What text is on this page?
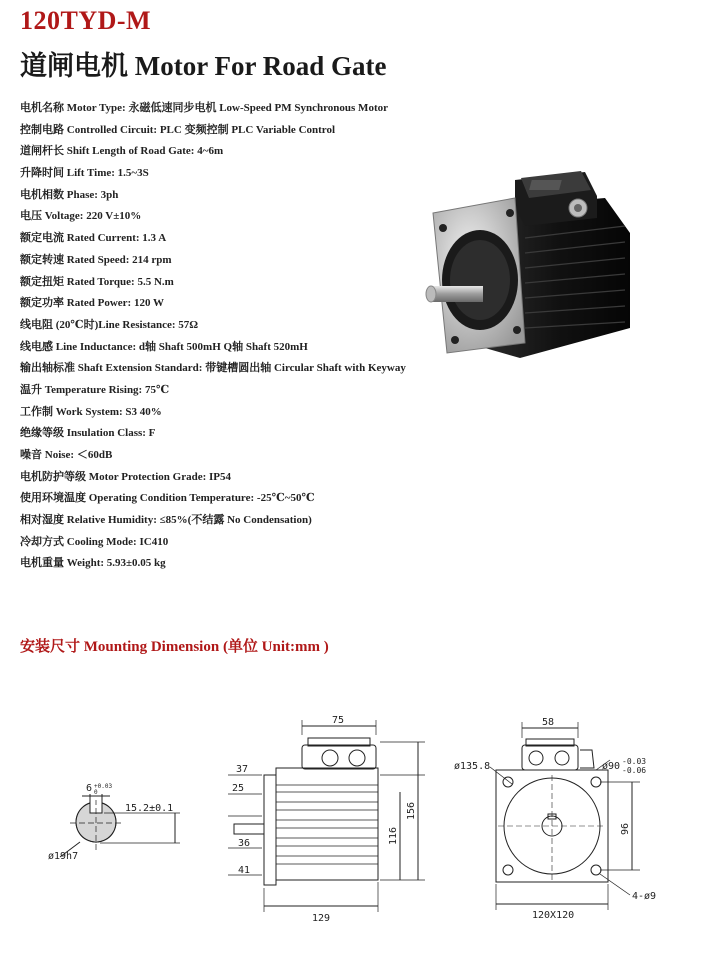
120TYD-M
道闸电机 Motor For Road Gate
电机名称 Motor Type: 永磁低速同步电机 Low-Speed PM Synchronous Motor
控制电路 Controlled Circuit: PLC 变频控制 PLC Variable Control
道闸杆长 Shift Length of Road Gate: 4~6m
升降时间 Lift Time: 1.5~3S
电机相数 Phase: 3ph
电压 Voltage: 220 V±10%
额定电流 Rated Current: 1.3 A
额定转速 Rated Speed: 214 rpm
额定扭矩 Rated Torque: 5.5 N.m
额定功率 Rated Power: 120 W
线电阻 (20℃时)Line Resistance: 57Ω
线电感 Line Inductance: d轴 Shaft 500mH Q轴 Shaft 520mH
输出轴标准 Shaft Extension Standard: 带键槽圆出轴 Circular Shaft with Keyway
温升 Temperature Rising: 75℃
工作制 Work System: S3 40%
绝缘等级 Insulation Class: F
噪音 Noise: ＜60dB
电机防护等级 Motor Protection Grade: IP54
使用环境温度 Operating Condition Temperature: -25℃~50℃
相对湿度 Relative Humidity: ≤85%(不结露 No Condensation)
冷却方式 Cooling Mode: IC410
电机重量 Weight: 5.93±0.05 kg
安装尺寸 Mounting Dimension (单位 Unit:mm )
6 +0.03
0
15.2±0.1
ø19h7
75
37
25
36
41
129
116
156
58
ø135.8	ø90 -0.03
-0.06
96
120X120
4-ø9
